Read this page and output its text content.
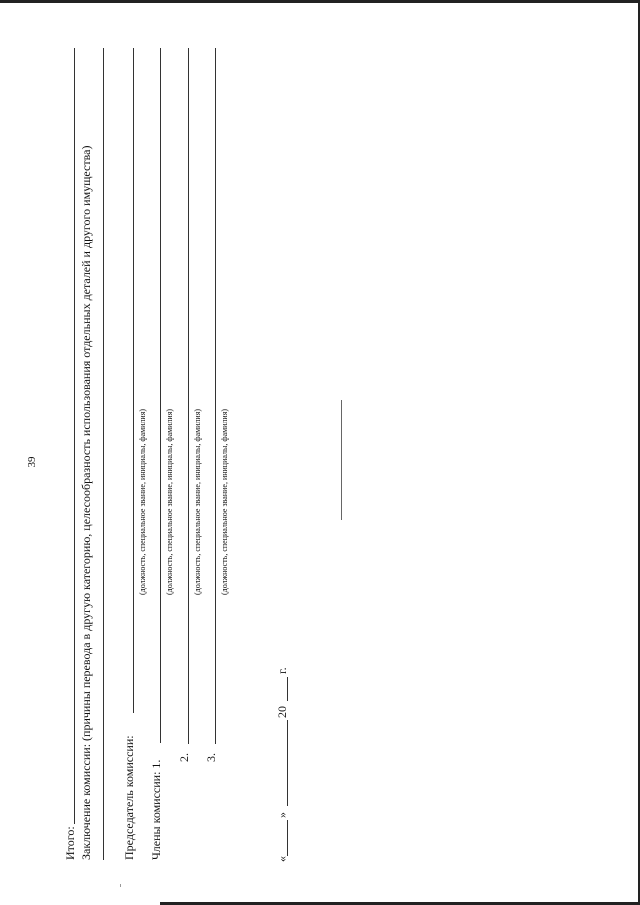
39
Итого: Заключение комиссии: (причины перевода в другую категорию, целесообразность использования отдельных деталей и другого имущества) Председатель комиссии:
(должность, специальное звание, инициалы, фамилия)
Члены комиссии: 1.
(должность, специальное звание, инициалы, фамилия)
2.
(должность, специальное звание, инициалы, фамилия)
3.
(должность, специальное звание, инициалы, фамилия)
«
»
20
г.
